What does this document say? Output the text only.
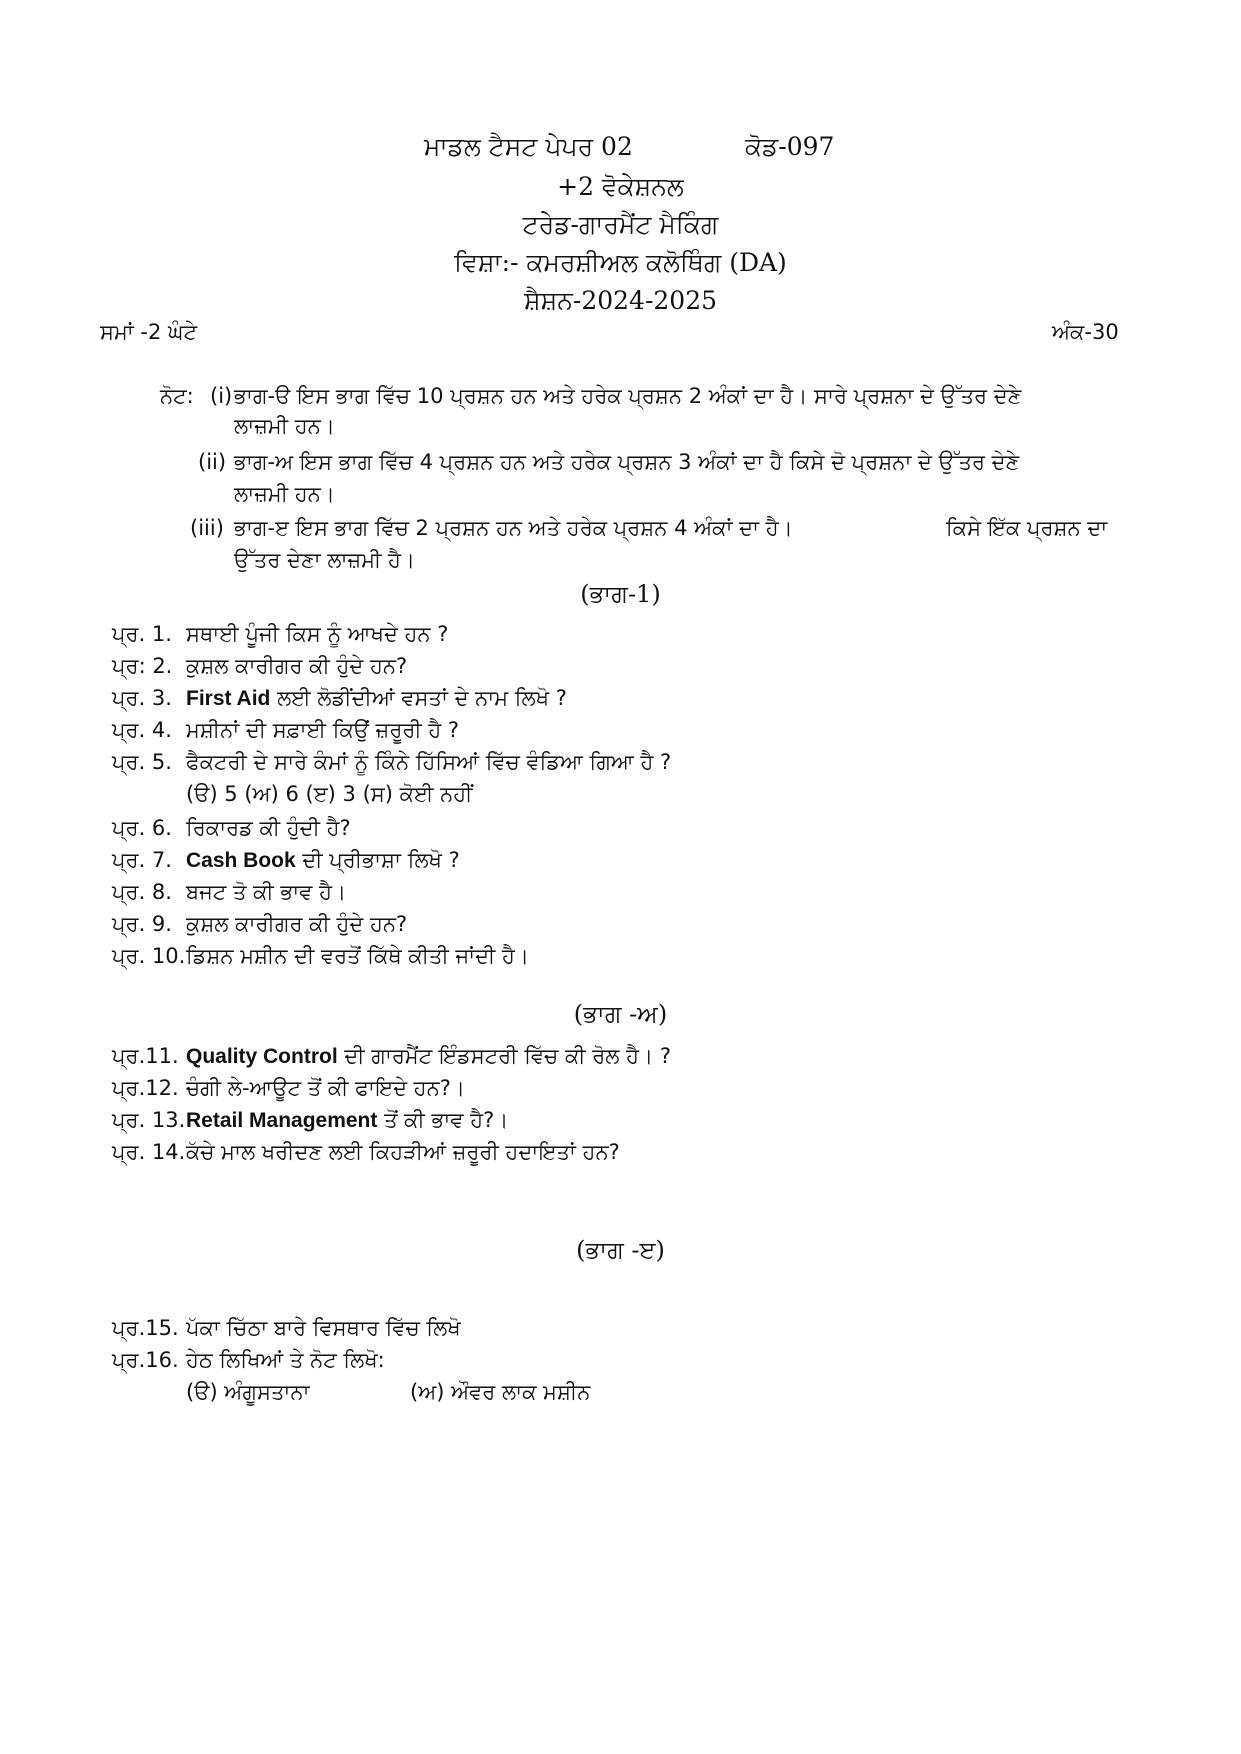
ਮਾਡਲ ਟੈਸਟ ਪੇਪਰ 02	ਕੋਡ-097
+2 ਵੋਕੇਸ਼ਨਲ
ਟਰੇਡ-ਗਾਰਮੈਂਟ ਮੈਕਿੰਗ
ਵਿਸ਼ਾ:- ਕਮਰਸ਼ੀਅਲ ਕਲੋਥਿੰਗ (DA)
ਸ਼ੈਸ਼ਨ-2024-2025
ਸਮਾਂ -2 ਘੰਟੇ	ਅੰਕ-30
ਨੋਟ: (i) ਭਾਗ-ੳ ਇਸ ਭਾਗ ਵਿੱਚ 10 ਪ੍ਰਸ਼ਨ ਹਨ ਅਤੇ ਹਰੇਕ ਪ੍ਰਸ਼ਨ 2 ਅੰਕਾਂ ਦਾ ਹੈ। ਸਾਰੇ ਪ੍ਰਸ਼ਨਾ ਦੇ ਉੱਤਰ ਦੇਣੇ
ਲਾਜ਼ਮੀ ਹਨ।
(ii) ਭਾਗ-ਅ ਇਸ ਭਾਗ ਵਿੱਚ 4 ਪ੍ਰਸ਼ਨ ਹਨ ਅਤੇ ਹਰੇਕ ਪ੍ਰਸ਼ਨ 3 ਅੰਕਾਂ ਦਾ ਹੈ ਕਿਸੇ ਦੋ ਪ੍ਰਸ਼ਨਾ ਦੇ ਉੱਤਰ ਦੇਣੇ
ਲਾਜ਼ਮੀ ਹਨ।
(iii) ਭਾਗ-ੲ ਇਸ ਭਾਗ ਵਿੱਚ 2 ਪ੍ਰਸ਼ਨ ਹਨ ਅਤੇ ਹਰੇਕ ਪ੍ਰਸ਼ਨ 4 ਅੰਕਾਂ ਦਾ ਹੈ।	ਕਿਸੇ ਇੱਕ ਪ੍ਰਸ਼ਨ ਦਾ
ਉੱਤਰ ਦੇਣਾ ਲਾਜ਼ਮੀ ਹੈ।
(ਭਾਗ-1)
ਪ੍ਰ. 1. ਸਥਾਈ ਪੂੰਜੀ ਕਿਸ ਨੂੰ ਆਖਦੇ ਹਨ ?
ਪ੍ਰ: 2. ਕੁਸ਼ਲ ਕਾਰੀਗਰ ਕੀ ਹੁੰਦੇ ਹਨ?
ਪ੍ਰ. 3. First Aid ਲਈ ਲੋਡੀਂਦੀਆਂ ਵਸਤਾਂ ਦੇ ਨਾਮ ਲਿਖੋ ?
ਪ੍ਰ. 4. ਮਸ਼ੀਨਾਂ ਦੀ ਸਫ਼ਾਈ ਕਿਉਂ ਜ਼ਰੂਰੀ ਹੈ ?
ਪ੍ਰ. 5. ਫੈਕਟਰੀ ਦੇ ਸਾਰੇ ਕੰਮਾਂ ਨੂੰ ਕਿੰਨੇ ਹਿੱਸਿਆਂ ਵਿੱਚ ਵੰਡਿਆ ਗਿਆ ਹੈ ?
(ੳ) 5 (ਅ) 6 (ੲ) 3 (ਸ) ਕੋਈ ਨਹੀਂ
ਪ੍ਰ. 6. ਰਿਕਾਰਡ ਕੀ ਹੁੰਦੀ ਹੈ?
ਪ੍ਰ. 7. Cash Book ਦੀ ਪ੍ਰੀਭਾਸ਼ਾ ਲਿਖੋ ?
ਪ੍ਰ. 8. ਬਜਟ ਤੋ ਕੀ ਭਾਵ ਹੈ।
ਪ੍ਰ. 9. ਕੁਸ਼ਲ ਕਾਰੀਗਰ ਕੀ ਹੁੰਦੇ ਹਨ?
ਪ੍ਰ. 10. ਡਿਸ਼ਨ ਮਸ਼ੀਨ ਦੀ ਵਰਤੋਂ ਕਿੱਥੇ ਕੀਤੀ ਜਾਂਦੀ ਹੈ।
(ਭਾਗ -ਅ)
ਪ੍ਰ.11. Quality Control ਦੀ ਗਾਰਮੈਂਟ ਇੰਡਸਟਰੀ ਵਿੱਚ ਕੀ ਰੋਲ ਹੈ। ?
ਪ੍ਰ.12. ਚੰਗੀ ਲੇ-ਆਊਟ ਤੋਂ ਕੀ ਫਾਇਦੇ ਹਨ?।
ਪ੍ਰ. 13. Retail Management ਤੋਂ ਕੀ ਭਾਵ ਹੈ?।
ਪ੍ਰ. 14. ਕੱਚੇ ਮਾਲ ਖਰੀਦਣ ਲਈ ਕਿਹੜੀਆਂ ਜ਼ਰੂਰੀ ਹਦਾਇਤਾਂ ਹਨ?
(ਭਾਗ -ੲ)
ਪ੍ਰ.15. ਪੱਕਾ ਚਿੱਠਾ ਬਾਰੇ ਵਿਸਥਾਰ ਵਿੱਚ ਲਿਖੋ
ਪ੍ਰ.16. ਹੇਠ ਲਿਖਿਆਂ ਤੇ ਨੋਟ ਲਿਖੋ:
(ੳ) ਅੰਗੂਸਤਾਨਾ	(ਅ) ਔਵਰ ਲਾਕ ਮਸ਼ੀਨ
